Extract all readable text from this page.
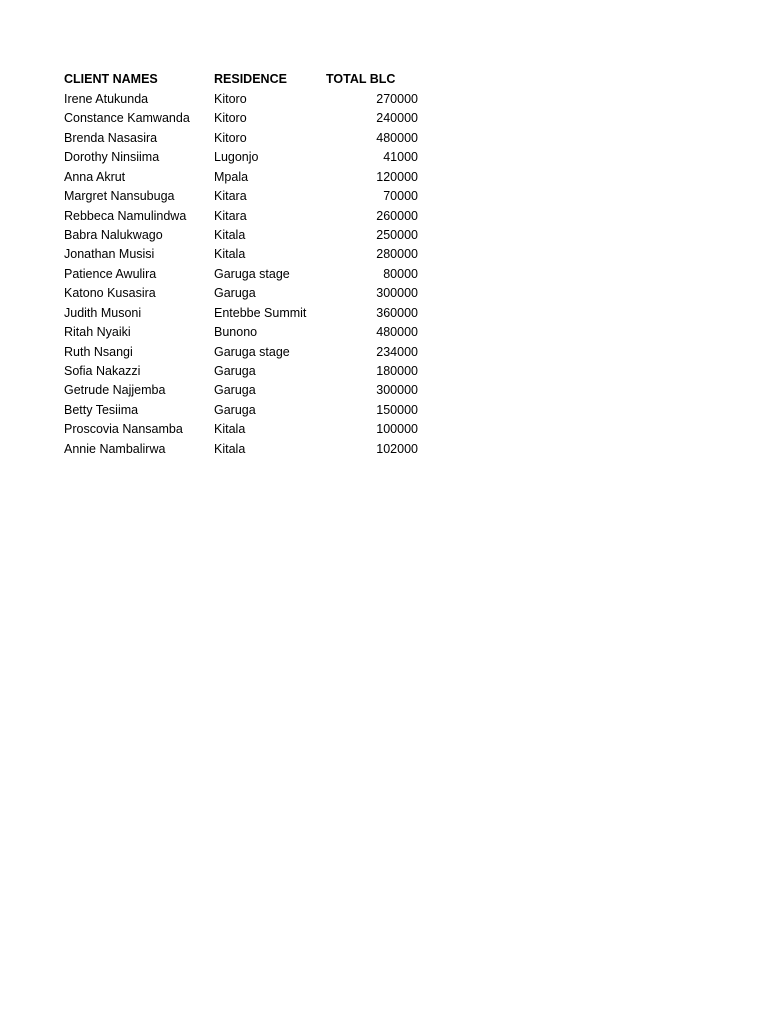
CLIENT NAMES	RESIDENCE	TOTAL BLC
Irene Atukunda	Kitoro	270000
Constance Kamwanda	Kitoro	240000
Brenda Nasasira	Kitoro	480000
Dorothy Ninsiima	Lugonjo	41000
Anna Akrut	Mpala	120000
Margret Nansubuga	Kitara	70000
Rebbeca Namulindwa	Kitara	260000
Babra Nalukwago	Kitala	250000
Jonathan Musisi	Kitala	280000
Patience Awulira	Garuga stage	80000
Katono Kusasira	Garuga	300000
Judith Musoni	Entebbe Summit	360000
Ritah Nyaiki	Bunono	480000
Ruth Nsangi	Garuga stage	234000
Sofia Nakazzi	Garuga	180000
Getrude Najjemba	Garuga	300000
Betty Tesiima	Garuga	150000
Proscovia Nansamba	Kitala	100000
Annie Nambalirwa	Kitala	102000
